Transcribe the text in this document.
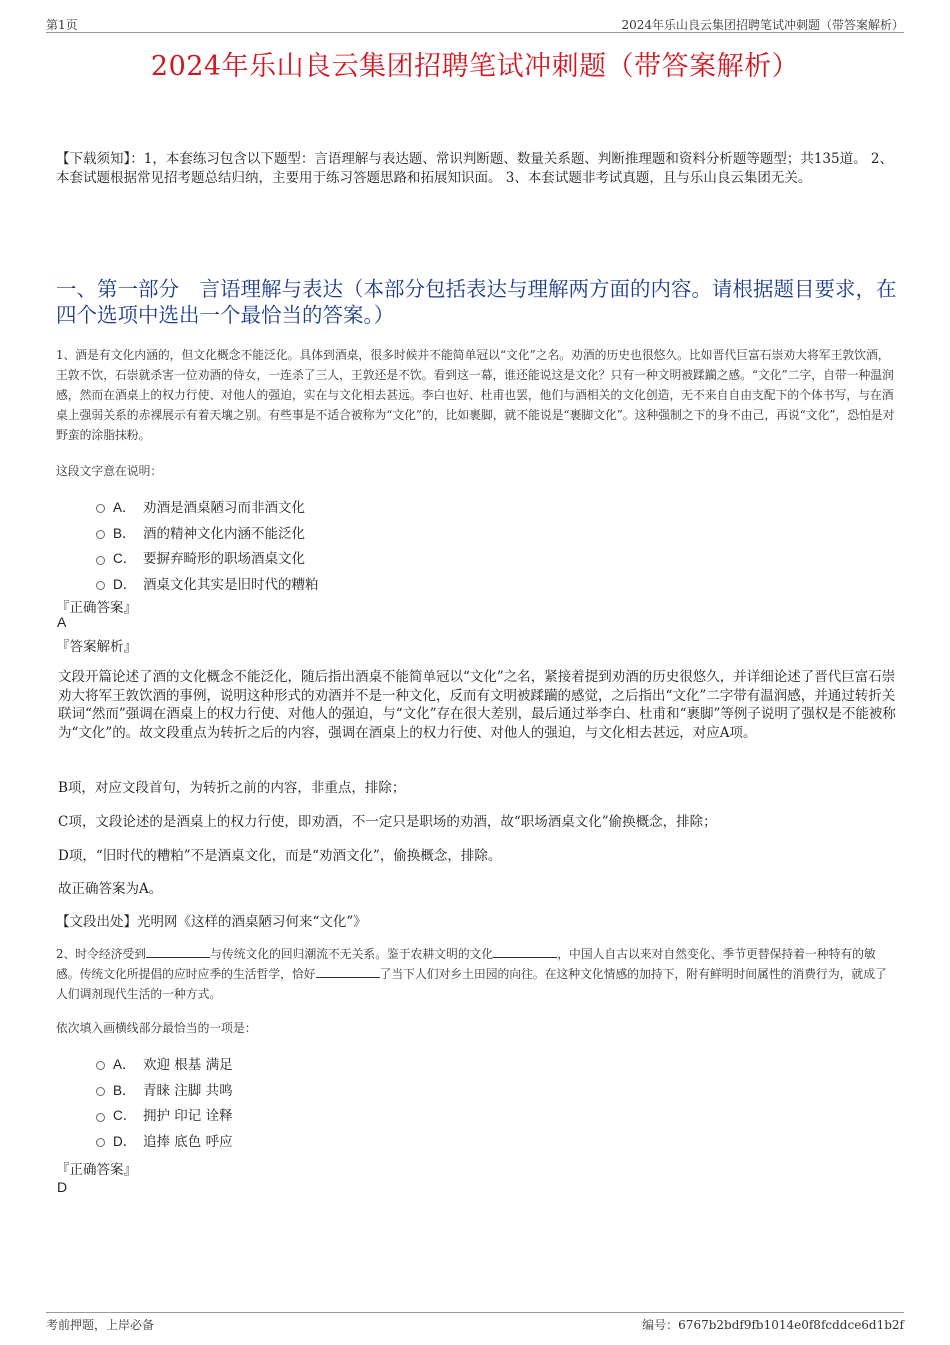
第1页	2024年乐山良云集团招聘笔试冲刺题（带答案解析）
2024年乐山良云集团招聘笔试冲刺题（带答案解析）
【下载须知】：1，本套练习包含以下题型：言语理解与表达题、常识判断题、数量关系题、判断推理题和资料分析题等题型；共135道。 2、本套试题根据常见招考题总结归纳，主要用于练习答题思路和拓展知识面。 3、本套试题非考试真题，且与乐山良云集团无关。
一、第一部分　言语理解与表达（本部分包括表达与理解两方面的内容。请根据题目要求，在四个选项中选出一个最恰当的答案。）
1、酒是有文化内涵的，但文化概念不能泛化。具体到酒桌，很多时候并不能简单冠以“文化”之名。劝酒的历史也很悠久。比如晋代巨富石崇劝大将军王敦饮酒，王敦不饮，石崇就杀害一位劝酒的侍女，一连杀了三人，王敦还是不饮。看到这一幕，谁还能说这是文化？只有一种文明被蹂躏之感。“文化”二字，自带一种温润感，然而在酒桌上的权力行使、对他人的强迫，实在与文化相去甚远。李白也好、杜甫也罢，他们与酒相关的文化创造，无不来自自由支配下的个体书写，与在酒桌上强弱关系的赤裸展示有着天壤之别。有些事是不适合被称为“文化”的，比如裹脚，就不能说是“裹脚文化”。这种强制之下的身不由己，再说“文化”，恐怕是对野蛮的涂脂抹粉。
这段文字意在说明：
A． 劝酒是酒桌陋习而非酒文化
B． 酒的精神文化内涵不能泛化
C． 要摒弃畸形的职场酒桌文化
D． 酒桌文化其实是旧时代的糟粕
『正确答案』
A
『答案解析』
文段开篇论述了酒的文化概念不能泛化，随后指出酒桌不能简单冠以“文化”之名，紧接着提到劝酒的历史很悠久，并详细论述了晋代巨富石崇劝大将军王敦饮酒的事例，说明这种形式的劝酒并不是一种文化，反而有文明被蹂躏的感觉，之后指出“文化”二字带有温润感，并通过转折关联词“然而”强调在酒桌上的权力行使、对他人的强迫，与“文化”存在很大差别，最后通过举李白、杜甫和“裹脚”等例子说明了强权是不能被称为“文化”的。故文段重点为转折之后的内容，强调在酒桌上的权力行使、对他人的强迫，与文化相去甚远，对应A项。
B项，对应文段首句，为转折之前的内容，非重点，排除；
C项，文段论述的是酒桌上的权力行使，即劝酒，不一定只是职场的劝酒，故“职场酒桌文化”偷换概念，排除；
D项，“旧时代的糟粕”不是酒桌文化，而是“劝酒文化”，偷换概念，排除。
故正确答案为A。
【文段出处】光明网《这样的酒桌陋习何来“文化”》
2、时令经济受到	与传统文化的回归潮流不无关系。鉴于农耕文明的文化	，中国人自古以来对自然变化、季节更替保持着一种特有的敏感。传统文化所提倡的应时应季的生活哲学，恰好	了当下人们对乡土田园的向往。在这种文化情感的加持下，附有鲜明时间属性的消费行为，就成了人们调剂现代生活的一种方式。
依次填入画横线部分最恰当的一项是：
A． 欢迎 根基 满足
B． 青睐 注脚 共鸣
C． 拥护 印记 诠释
D． 追捧 底色 呼应
『正确答案』
D
考前押题，上岸必备	编号：6767b2bdf9fb1014e0f8fcddce6d1b2f
